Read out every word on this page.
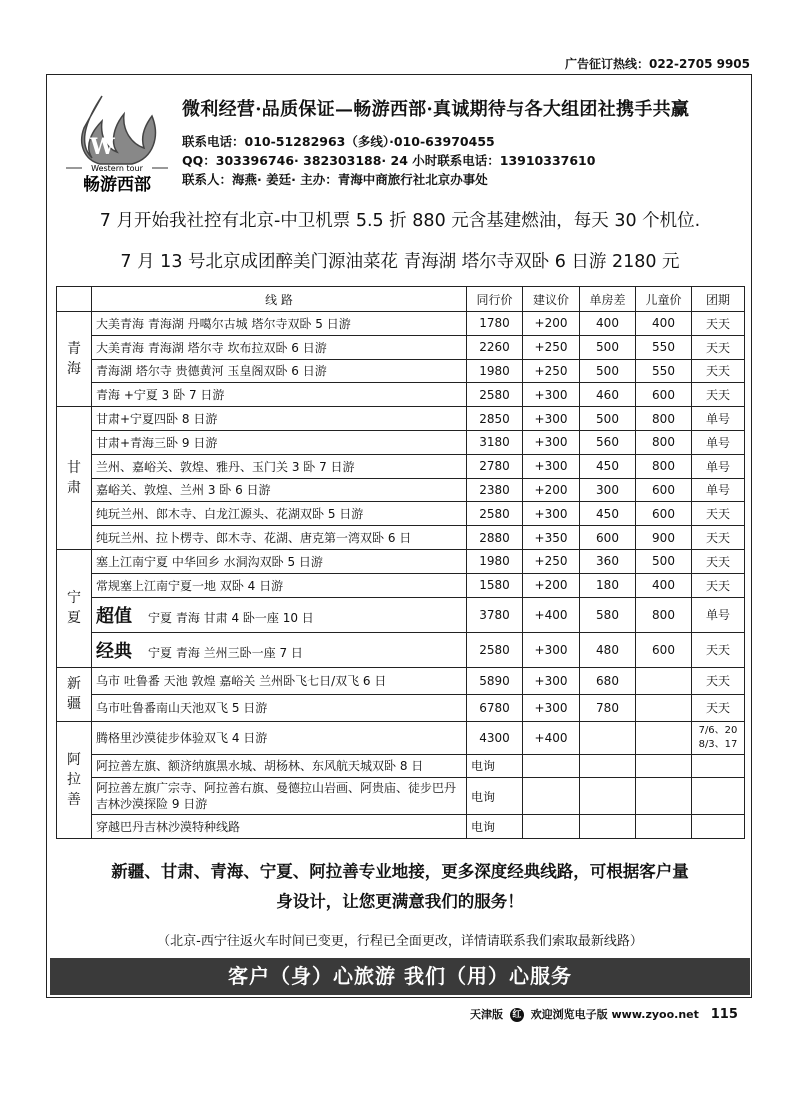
广告征订热线：022-2705 9905
W
Western tour
畅游西部
微利经营·品质保证—畅游西部·真诚期待与各大组团社携手共赢
联系电话：010-51282963（多线）·010-63970455
QQ：303396746· 382303188· 24 小时联系电话：13910337610
联系人：海燕· 姜廷· 主办：青海中商旅行社北京办事处
7 月开始我社控有北京-中卫机票 5.5 折 880 元含基建燃油，每天 30 个机位.
7 月 13 号北京成团醉美门源油菜花 青海湖 塔尔寺双卧 6 日游 2180 元
	线 路	同行价	建议价	单房差	儿童价	团期
青海	大美青海 青海湖 丹噶尔古城 塔尔寺双卧 5 日游	1780	+200	400	400	天天
	大美青海 青海湖 塔尔寺 坎布拉双卧 6 日游	2260	+250	500	550	天天
	青海湖 塔尔寺 贵德黄河 玉皇阁双卧 6 日游	1980	+250	500	550	天天
	青海 +宁夏 3 卧 7 日游	2580	+300	460	600	天天
甘肃	甘肃+宁夏四卧 8 日游	2850	+300	500	800	单号
	甘肃+青海三卧 9 日游	3180	+300	560	800	单号
	兰州、嘉峪关、敦煌、雅丹、玉门关 3 卧 7 日游	2780	+300	450	800	单号
	嘉峪关、敦煌、兰州 3 卧 6 日游	2380	+200	300	600	单号
	纯玩兰州、郎木寺、白龙江源头、花湖双卧 5 日游	2580	+300	450	600	天天
	纯玩兰州、拉卜楞寺、郎木寺、花湖、唐克第一湾双卧 6 日	2880	+350	600	900	天天
宁夏	塞上江南宁夏 中华回乡 水洞沟双卧 5 日游	1980	+250	360	500	天天
	常规塞上江南宁夏一地 双卧 4 日游	1580	+200	180	400	天天
	超值 宁夏 青海 甘肃 4 卧一座 10 日	3780	+400	580	800	单号
	经典 宁夏 青海 兰州三卧一座 7 日	2580	+300	480	600	天天
新疆	乌市 吐鲁番 天池 敦煌 嘉峪关 兰州卧飞七日/双飞 6 日	5890	+300	680		天天
	乌市吐鲁番南山天池双飞 5 日游	6780	+300	780		天天
阿拉善	腾格里沙漠徒步体验双飞 4 日游	4300	+400			7/6、20 8/3、17
	阿拉善左旗、额济纳旗黑水城、胡杨林、东风航天城双卧 8 日	电询				
	阿拉善左旗广宗寺、阿拉善右旗、曼德拉山岩画、阿贵庙、徒步巴丹吉林沙漠探险 9 日游	电询				
	穿越巴丹吉林沙漠特种线路	电询				
新疆、甘肃、青海、宁夏、阿拉善专业地接，更多深度经典线路，可根据客户量
身设计，让您更满意我们的服务！
（北京-西宁往返火车时间已变更，行程已全面更改，详情请联系我们索取最新线路）
客户（身）心旅游 我们（用）心服务
天津版 红 欢迎浏览电子版 www.zyoo.net 115
